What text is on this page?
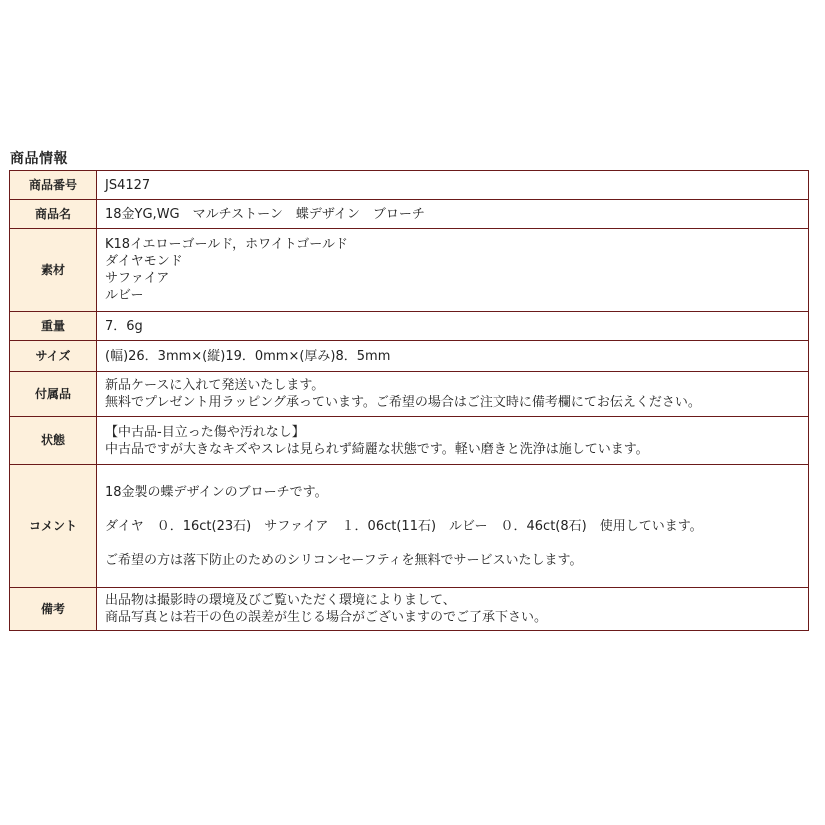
商品情報
商品番号	JS4127
商品名	18金YG,WG　マルチストーン　蝶デザイン　ブローチ
素材	K18イエローゴールド，ホワイトゴールド
ダイヤモンド
サファイア
ルビー

重量	7．6g
サイズ	(幅)26．3mm×(縦)19．0mm×(厚み)8．5mm
付属品	新品ケースに入れて発送いたします。
無料でプレゼント用ラッピング承っています。ご希望の場合はご注文時に備考欄にてお伝えください。

状態	【中古品-目立った傷や汚れなし】
中古品ですが大きなキズやスレは見られず綺麗な状態です。軽い磨きと洗浄は施しています。

コメント	18金製の蝶デザインのブローチです。
ダイヤ　０．16ct(23石)　サファイア　１．06ct(11石)　ルビー　０．46ct(8石)　使用しています。
ご希望の方は落下防止のためのシリコンセーフティを無料でサービスいたします。

備考	出品物は撮影時の環境及びご覧いただく環境によりまして、
商品写真とは若干の色の誤差が生じる場合がございますのでご了承下さい。
